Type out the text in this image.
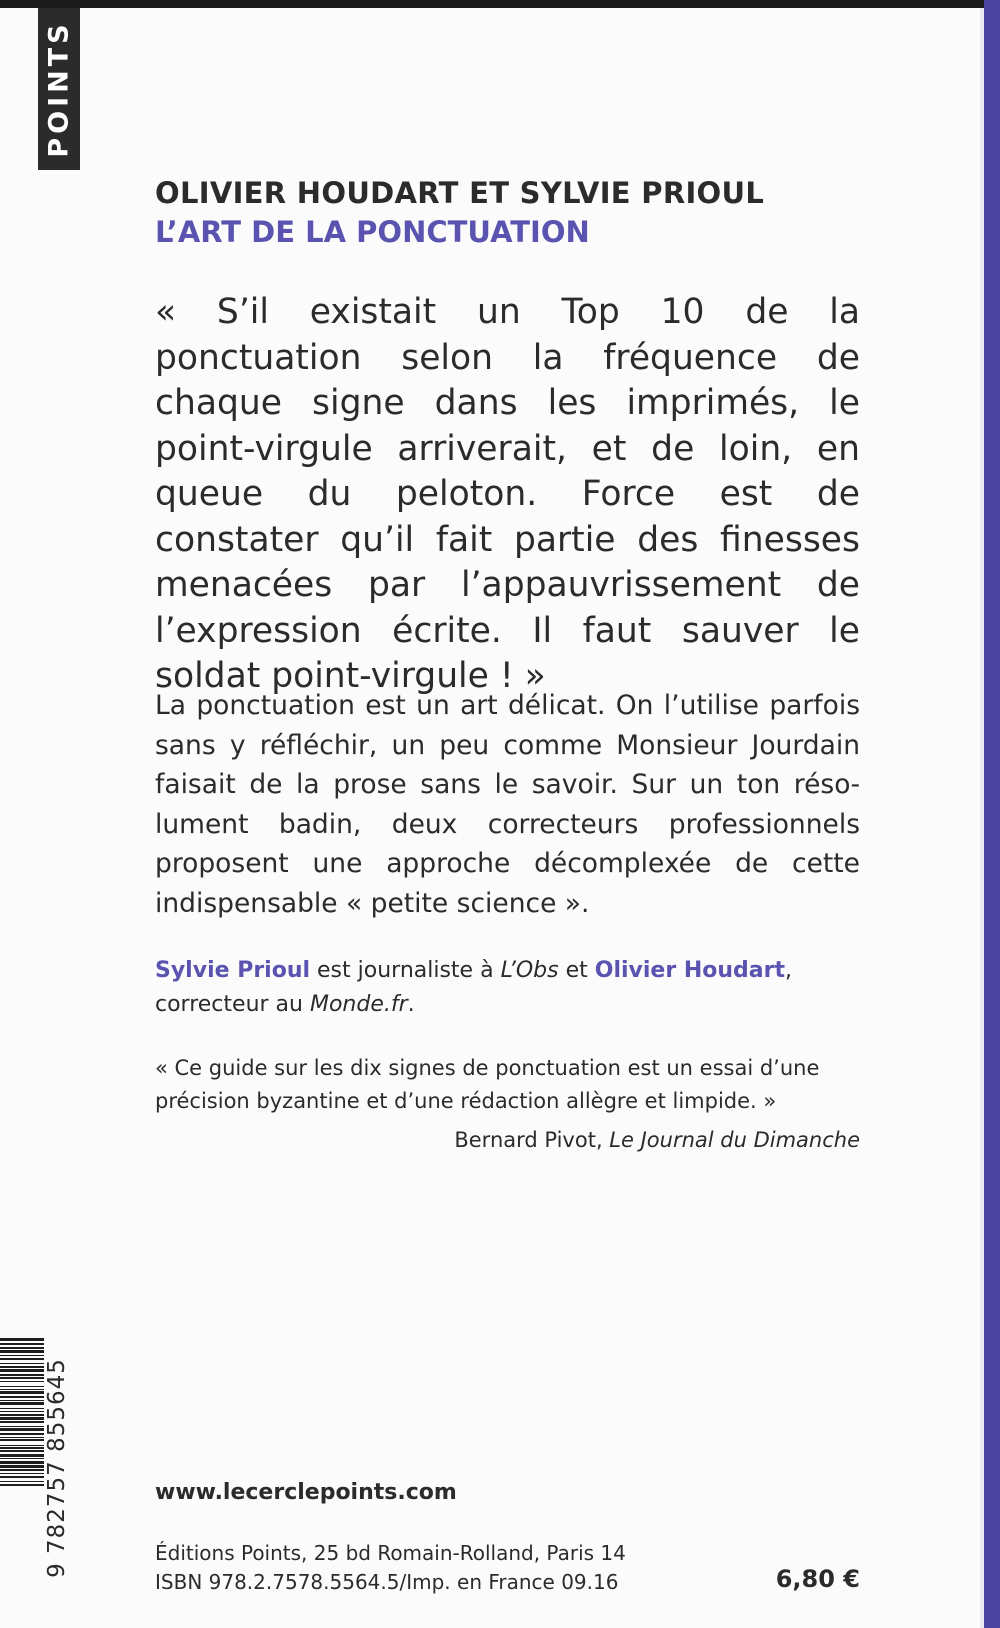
POINTS
OLIVIER HOUDART ET SYLVIE PRIOUL
L’ART DE LA PONCTUATION
« S’il existait un Top 10 de la ponctuation selon la fréquence de chaque signe dans les imprimés, le point-virgule arriverait, et de loin, en queue du peloton. Force est de constater qu’il fait partie des finesses menacées par l’appauvrissement de l’expression écrite. Il faut sauver le soldat point-virgule ! »
La ponctuation est un art délicat. On l’utilise parfois sans y réfléchir, un peu comme Monsieur Jourdain faisait de la prose sans le savoir. Sur un ton résolument badin, deux correcteurs professionnels proposent une approche décomplexée de cette indispensable « petite science ».
Sylvie Prioul est journaliste à L’Obs et Olivier Houdart, correcteur au Monde.fr.
« Ce guide sur les dix signes de ponctuation est un essai d’une précision byzantine et d’une rédaction allègre et limpide. »
Bernard Pivot, Le Journal du Dimanche
9 782757 855645	www.lecerclepoints.com
Éditions Points, 25 bd Romain-Rolland, Paris 14
ISBN 978.2.7578.5564.5/Imp. en France 09.16	6,80 €
